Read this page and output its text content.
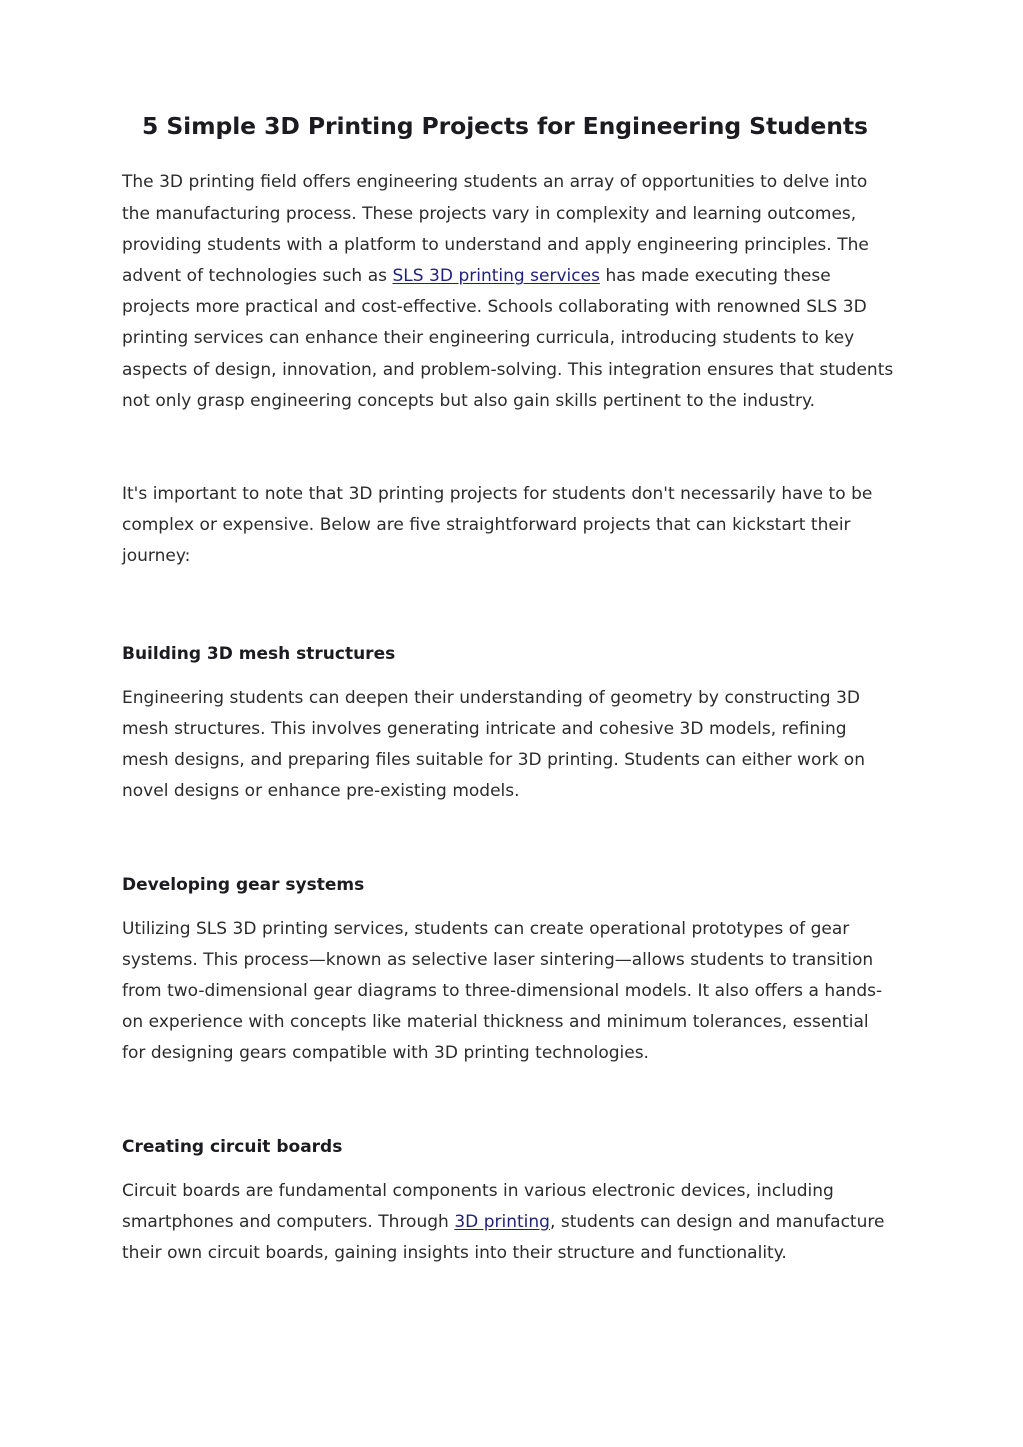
5 Simple 3D Printing Projects for Engineering Students

The 3D printing field offers engineering students an array of opportunities to delve into the manufacturing process. These projects vary in complexity and learning outcomes, providing students with a platform to understand and apply engineering principles. The advent of technologies such as SLS 3D printing services has made executing these projects more practical and cost-effective. Schools collaborating with renowned SLS 3D printing services can enhance their engineering curricula, introducing students to key aspects of design, innovation, and problem-solving. This integration ensures that students not only grasp engineering concepts but also gain skills pertinent to the industry.

It's important to note that 3D printing projects for students don't necessarily have to be complex or expensive. Below are five straightforward projects that can kickstart their journey:

Building 3D mesh structures

Engineering students can deepen their understanding of geometry by constructing 3D mesh structures. This involves generating intricate and cohesive 3D models, refining mesh designs, and preparing files suitable for 3D printing. Students can either work on novel designs or enhance pre-existing models.

Developing gear systems

Utilizing SLS 3D printing services, students can create operational prototypes of gear systems. This process—known as selective laser sintering—allows students to transition from two-dimensional gear diagrams to three-dimensional models. It also offers a hands-on experience with concepts like material thickness and minimum tolerances, essential for designing gears compatible with 3D printing technologies.

Creating circuit boards

Circuit boards are fundamental components in various electronic devices, including smartphones and computers. Through 3D printing, students can design and manufacture their own circuit boards, gaining insights into their structure and functionality.
